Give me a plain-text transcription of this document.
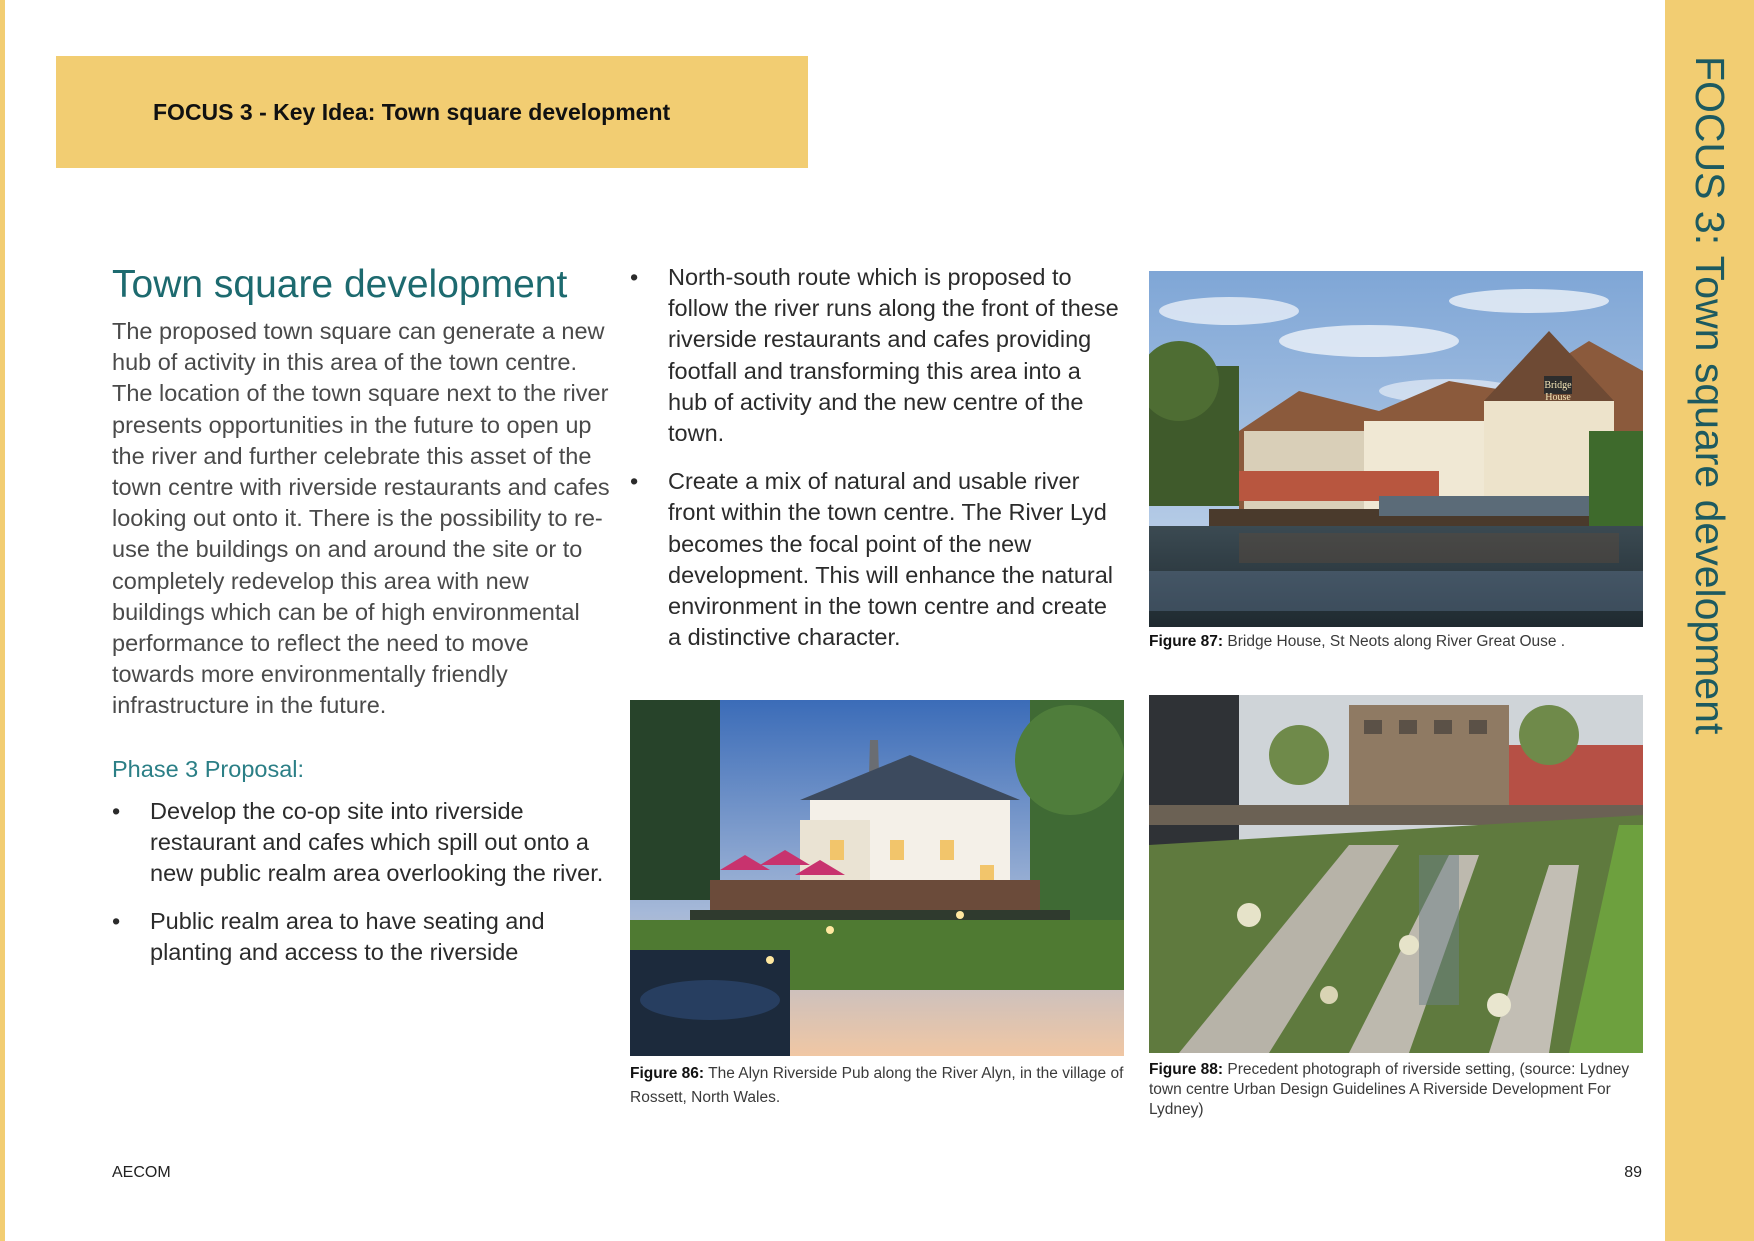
FOCUS 3: Town square development
FOCUS 3 - Key Idea: Town square development
Town square development

The proposed town square can generate a new hub of activity in this area of the town centre. The location of the town square next to the river presents opportunities in the future to open up the river and further celebrate this asset of the town centre with riverside restaurants and cafes looking out onto it. There is the possibility to re-use the buildings on and around the site or to completely redevelop this area with new buildings which can be of high environmental performance to reflect the need to move towards more environmentally friendly infrastructure in the future.

Phase 3 Proposal:
• Develop the co-op site into riverside restaurant and cafes which spill out onto a new public realm area overlooking the river.
• Public realm area to have seating and planting and access to the riverside
• North-south route which is proposed to follow the river runs along the front of these riverside restaurants and cafes providing footfall and transforming this area into a hub of activity and the new centre of the town.
• Create a mix of natural and usable river front within the town centre. The River Lyd becomes the focal point of the new development. This will enhance the natural environment in the town centre and create a distinctive character.
Bridge
House
Figure 87: Bridge House, St Neots along River Great Ouse .
Figure 86: The Alyn Riverside Pub along the River Alyn, in the village of Rossett, North Wales.
Figure 88: Precedent photograph of riverside setting, (source: Lydney town centre Urban Design Guidelines A Riverside Development For Lydney)
AECOM	89
